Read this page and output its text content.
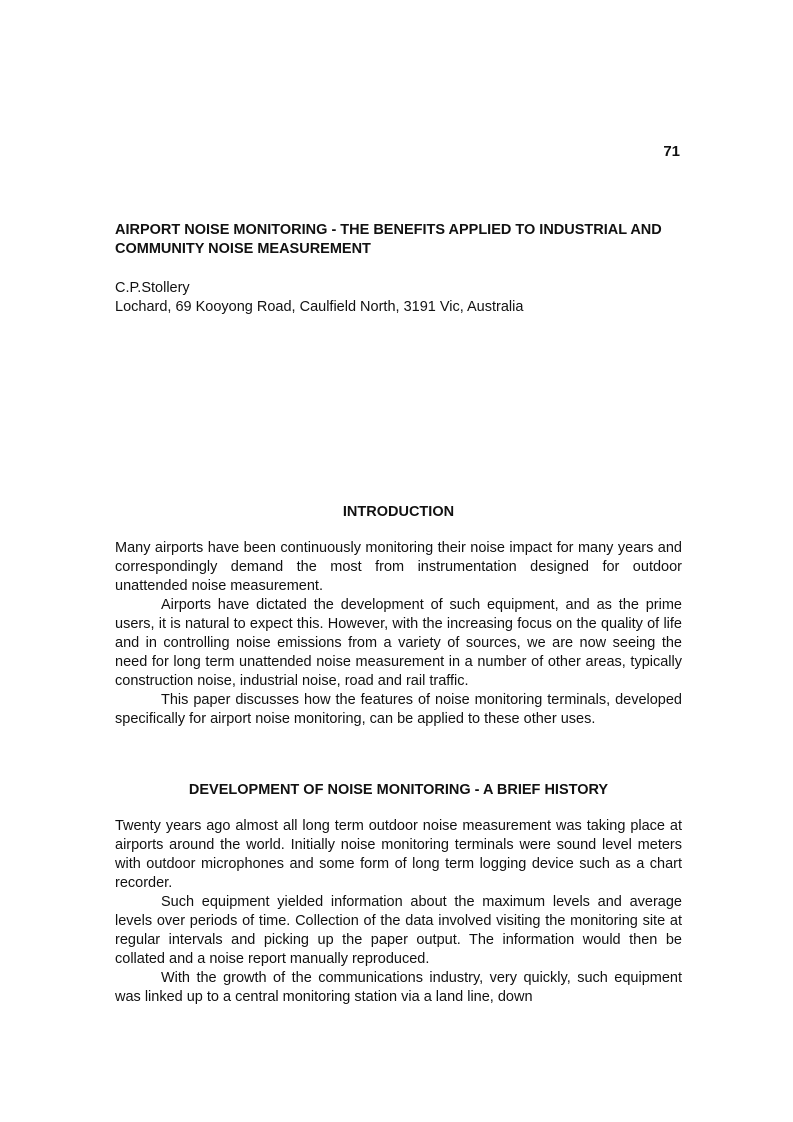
71
AIRPORT NOISE MONITORING - THE BENEFITS APPLIED TO INDUSTRIAL AND COMMUNITY NOISE MEASUREMENT
C.P.Stollery
Lochard, 69 Kooyong Road, Caulfield North, 3191 Vic, Australia
INTRODUCTION

Many airports have been continuously monitoring their noise impact for many years and correspondingly demand the most from instrumentation designed for outdoor unattended noise measurement.

Airports have dictated the development of such equipment, and as the prime users, it is natural to expect this. However, with the increasing focus on the quality of life and in controlling noise emissions from a variety of sources, we are now seeing the need for long term unattended noise measurement in a number of other areas, typically construction noise, industrial noise, road and rail traffic.

This paper discusses how the features of noise monitoring terminals, developed specifically for airport noise monitoring, can be applied to these other uses.

DEVELOPMENT OF NOISE MONITORING - A BRIEF HISTORY

Twenty years ago almost all long term outdoor noise measurement was taking place at airports around the world. Initially noise monitoring terminals were sound level meters with outdoor microphones and some form of long term logging device such as a chart recorder.

Such equipment yielded information about the maximum levels and average levels over periods of time. Collection of the data involved visiting the monitoring site at regular intervals and picking up the paper output. The information would then be collated and a noise report manually reproduced.

With the growth of the communications industry, very quickly, such equipment was linked up to a central monitoring station via a land line, down
